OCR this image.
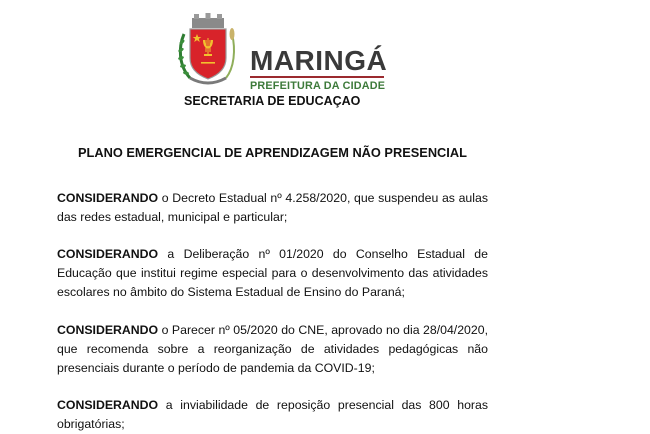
MARINGÁ
PREFEITURA DA CIDADE
SECRETARIA DE EDUCAÇAO
PLANO EMERGENCIAL DE APRENDIZAGEM NÃO PRESENCIAL

CONSIDERANDO o Decreto Estadual nº 4.258/2020, que suspendeu as aulas das redes estadual, municipal e particular;

CONSIDERANDO a Deliberação nº 01/2020 do Conselho Estadual de Educação que institui regime especial para o desenvolvimento das atividades escolares no âmbito do Sistema Estadual de Ensino do Paraná;

CONSIDERANDO o Parecer nº 05/2020 do CNE, aprovado no dia 28/04/2020, que recomenda sobre a reorganização de atividades pedagógicas não presenciais durante o período de pandemia da COVID-19;

CONSIDERANDO a inviabilidade de reposição presencial das 800 horas obrigatórias;
